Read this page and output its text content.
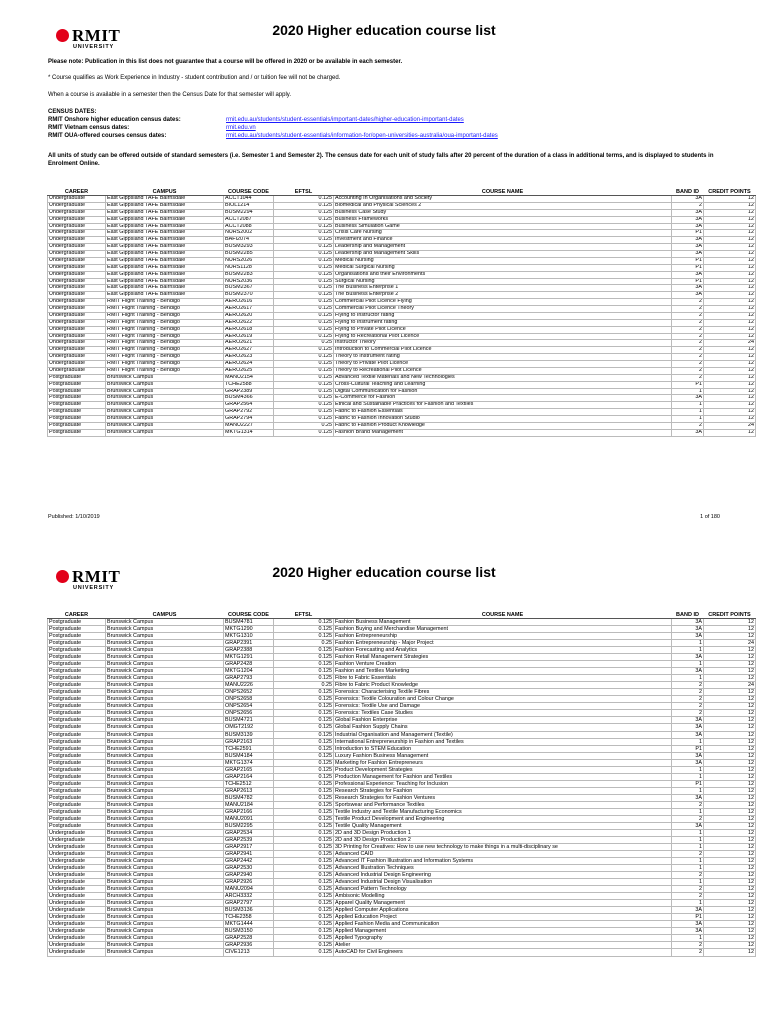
RMIT
UNIVERSITY
2020 Higher education course list
Please note: Publication in this list does not guarantee that a course will be offered in 2020 or be available in each semester.
* Course qualifies as Work Experience in Industry - student contribution and / or tuition fee will not be charged.
When a course is available in a semester then the Census Date for that semester will apply.
CENSUS DATES:
RMIT Onshore higher education census dates:	rmit.edu.au/students/student-essentials/important-dates/higher-education-important-dates
RMIT Vietnam census dates:	rmit.edu.vn
RMIT OUA-offered courses census dates:	rmit.edu.au/students/student-essentials/information-for/open-universities-australia/oua-important-dates
All units of study can be offered outside of standard semesters (i.e. Semester 1 and Semester 2). The census date for each unit of study falls after 20 percent of the duration of a class in additional terms, and is displayed to students in Enrolment Online.
CAREER	CAMPUS	COURSE CODE	EFTSL	COURSE NAME	BAND ID	CREDIT POINTS
Undergraduate	East Gippsland TAFE Bairnsdale	ACCT1044	0.125	Accounting In Organisations and Society	3A	12
Undergraduate	East Gippsland TAFE Bairnsdale	BIOL1214	0.125	Biomedical and Physical Sciences 2	2	12
Undergraduate	East Gippsland TAFE Bairnsdale	BUSM2294	0.125	Business Case Study	3A	12
Undergraduate	East Gippsland TAFE Bairnsdale	ACCT2087	0.125	Business Frameworks	3A	12
Undergraduate	East Gippsland TAFE Bairnsdale	ACCT2088	0.125	Business Simulation Game	3A	12
Undergraduate	East Gippsland TAFE Bairnsdale	NURS2002	0.125	Crisis Care Nursing	P1	12
Undergraduate	East Gippsland TAFE Bairnsdale	BAFI2074	0.125	Investment and Finance	3A	12
Undergraduate	East Gippsland TAFE Bairnsdale	BUSM3293	0.125	Leadership and Management	3A	12
Undergraduate	East Gippsland TAFE Bairnsdale	BUSM2285	0.125	Leadership and Management Skills	3A	12
Undergraduate	East Gippsland TAFE Bairnsdale	NURS2026	0.125	Medical Nursing	P1	12
Undergraduate	East Gippsland TAFE Bairnsdale	NURS1128	0.125	Medical Surgical Nursing	P1	12
Undergraduate	East Gippsland TAFE Bairnsdale	BUSM2283	0.125	Organisations and their Environments	3A	12
Undergraduate	East Gippsland TAFE Bairnsdale	NURS2036	0.125	Surgical Nursing	P1	12
Undergraduate	East Gippsland TAFE Bairnsdale	BUSM2367	0.125	The Business Enterprise 1	3A	12
Undergraduate	East Gippsland TAFE Bairnsdale	BUSM2370	0.125	The Business Enterprise 2	3A	12
Undergraduate	RMIT Flight Training - Bendigo	AERO2616	0.125	Commercial Pilot Licence Flying	2	12
Undergraduate	RMIT Flight Training - Bendigo	AERO2617	0.125	Commercial Pilot Licence Theory	2	12
Undergraduate	RMIT Flight Training - Bendigo	AERO2620	0.125	Flying to Instructor rating	2	12
Undergraduate	RMIT Flight Training - Bendigo	AERO2622	0.125	Flying to Instrument rating	2	12
Undergraduate	RMIT Flight Training - Bendigo	AERO2618	0.125	Flying to Private Pilot Licence	2	12
Undergraduate	RMIT Flight Training - Bendigo	AERO2619	0.125	Flying to Recreational Pilot Licence	2	12
Undergraduate	RMIT Flight Training - Bendigo	AERO2621	0.25	Instructor Theory	2	24
Undergraduate	RMIT Flight Training - Bendigo	AERO2627	0.125	Introduction to Commercial Pilot Licence	2	12
Undergraduate	RMIT Flight Training - Bendigo	AERO2623	0.125	Theory to Instrument rating	2	12
Undergraduate	RMIT Flight Training - Bendigo	AERO2624	0.125	Theory to Private Pilot Licence	2	12
Undergraduate	RMIT Flight Training - Bendigo	AERO2625	0.125	Theory to Recreational Pilot Licence	2	12
Postgraduate	Brunswick Campus	MANU2154	0.125	Advanced Textile Materials and New Technologies	2	12
Postgraduate	Brunswick Campus	TCHE2588	0.125	Cross-Cultural Teaching and Learning	P1	12
Postgraduate	Brunswick Campus	GRAP2389	0.125	Digital Communication for Fashion	1	12
Postgraduate	Brunswick Campus	BUSM4366	0.125	E-Commerce for Fashion	3A	12
Postgraduate	Brunswick Campus	GRAP2564	0.125	Ethical and Sustainable Practices for Fashion and Textiles	1	12
Postgraduate	Brunswick Campus	GRAP2792	0.125	Fabric to Fashion Essentials	1	12
Postgraduate	Brunswick Campus	GRAP2794	0.125	Fabric to Fashion Innovation Studio	1	12
Postgraduate	Brunswick Campus	MANU2227	0.25	Fabric to Fashion Product Knowledge	2	24
Postgraduate	Brunswick Campus	MKTG1314	0.125	Fashion Brand Management	3A	12
Published: 1/10/2019	1 of 180
RMIT
UNIVERSITY
2020 Higher education course list
CAREER	CAMPUS	COURSE CODE	EFTSL	COURSE NAME	BAND ID	CREDIT POINTS
Postgraduate	Brunswick Campus	BUSM4781	0.125	Fashion Business Management	3A	12
Postgraduate	Brunswick Campus	MKTG1290	0.125	Fashion Buying and Merchandise Management	3A	12
Postgraduate	Brunswick Campus	MKTG1310	0.125	Fashion Entrepreneurship	3A	12
Postgraduate	Brunswick Campus	GRAP2391	0.25	Fashion Entrepreneurship - Major Project	1	24
Postgraduate	Brunswick Campus	GRAP2388	0.125	Fashion Forecasting and Analytics	1	12
Postgraduate	Brunswick Campus	MKTG1291	0.125	Fashion Retail Management Strategies	3A	12
Postgraduate	Brunswick Campus	GRAP2428	0.125	Fashion Venture Creation	1	12
Postgraduate	Brunswick Campus	MKTG1204	0.125	Fashion and Textiles Marketing	3A	12
Postgraduate	Brunswick Campus	GRAP2793	0.125	Fibre to Fabric Essentials	1	12
Postgraduate	Brunswick Campus	MANU2226	0.25	Fibre to Fabric Product Knowledge	2	24
Postgraduate	Brunswick Campus	ONPS2652	0.125	Forensics: Characterising Textile Fibres	2	12
Postgraduate	Brunswick Campus	ONPS2658	0.125	Forensics: Textile Colouration and Colour Change	2	12
Postgraduate	Brunswick Campus	ONPS2654	0.125	Forensics: Textile Use and Damage	2	12
Postgraduate	Brunswick Campus	ONPS2656	0.125	Forensics: Textiles Case Studies	2	12
Postgraduate	Brunswick Campus	BUSM4721	0.125	Global Fashion Enterprise	3A	12
Postgraduate	Brunswick Campus	OMGT2192	0.125	Global Fashion Supply Chains	3A	12
Postgraduate	Brunswick Campus	BUSM3139	0.125	Industrial Organisation and Management (Textile)	3A	12
Postgraduate	Brunswick Campus	GRAP2163	0.125	International Entrepreneurship in Fashion and Textiles	1	12
Postgraduate	Brunswick Campus	TCHE2591	0.125	Introduction to STEM Education	P1	12
Postgraduate	Brunswick Campus	BUSM4184	0.125	Luxury Fashion Business Management	3A	12
Postgraduate	Brunswick Campus	MKTG1374	0.125	Marketing for Fashion Entrepreneurs	3A	12
Postgraduate	Brunswick Campus	GRAP2165	0.125	Product Development Strategies	1	12
Postgraduate	Brunswick Campus	GRAP2164	0.125	Production Management for Fashion and Textiles	1	12
Postgraduate	Brunswick Campus	TCHE2512	0.125	Professional Experience: Teaching for Inclusion	P1	12
Postgraduate	Brunswick Campus	GRAP2613	0.125	Research Strategies for Fashion	1	12
Postgraduate	Brunswick Campus	BUSM4782	0.125	Research Strategies for Fashion Ventures	3A	12
Postgraduate	Brunswick Campus	MANU2184	0.125	Sportswear and Performance Textiles	2	12
Postgraduate	Brunswick Campus	GRAP2166	0.125	Textile Industry and Textile Manufacturing Economics	1	12
Postgraduate	Brunswick Campus	MANU2091	0.125	Textile Product Development and Engineering	2	12
Postgraduate	Brunswick Campus	BUSM2295	0.125	Textile Quality Management	3A	12
Undergraduate	Brunswick Campus	GRAP2534	0.125	2D and 3D Design Production 1	1	12
Undergraduate	Brunswick Campus	GRAP2539	0.125	2D and 3D Design Production 2	1	12
Undergraduate	Brunswick Campus	GRAP2917	0.125	3D Printing for Creatives: How to use new technology to make things in a multi-disciplinary se	1	12
Undergraduate	Brunswick Campus	GRAP2941	0.125	Advanced CAID	2	12
Undergraduate	Brunswick Campus	GRAP2442	0.125	Advanced IT Fashion Illustration and Information Systems	1	12
Undergraduate	Brunswick Campus	GRAP2530	0.125	Advanced Illustration Techniques	1	12
Undergraduate	Brunswick Campus	GRAP2940	0.125	Advanced Industrial Design Engineering	2	12
Undergraduate	Brunswick Campus	GRAP2926	0.125	Advanced Industrial Design Visualisation	1	12
Undergraduate	Brunswick Campus	MANU2094	0.125	Advanced Pattern Technology	2	12
Undergraduate	Brunswick Campus	ARCH3332	0.125	Ambisonic Modelling	2	12
Undergraduate	Brunswick Campus	GRAP2797	0.125	Apparel Quality Management	1	12
Undergraduate	Brunswick Campus	BUSM3136	0.125	Applied Computer Applications	3A	12
Undergraduate	Brunswick Campus	TCHE2358	0.125	Applied Education Project	P1	12
Undergraduate	Brunswick Campus	MKTG1444	0.125	Applied Fashion Media and Communication	3A	12
Undergraduate	Brunswick Campus	BUSM3150	0.125	Applied Management	3A	12
Undergraduate	Brunswick Campus	GRAP2528	0.125	Applied Typography	1	12
Undergraduate	Brunswick Campus	GRAP2936	0.125	Atelier	2	12
Undergraduate	Brunswick Campus	CIVE1213	0.125	AutoCAD for Civil Engineers	2	12
